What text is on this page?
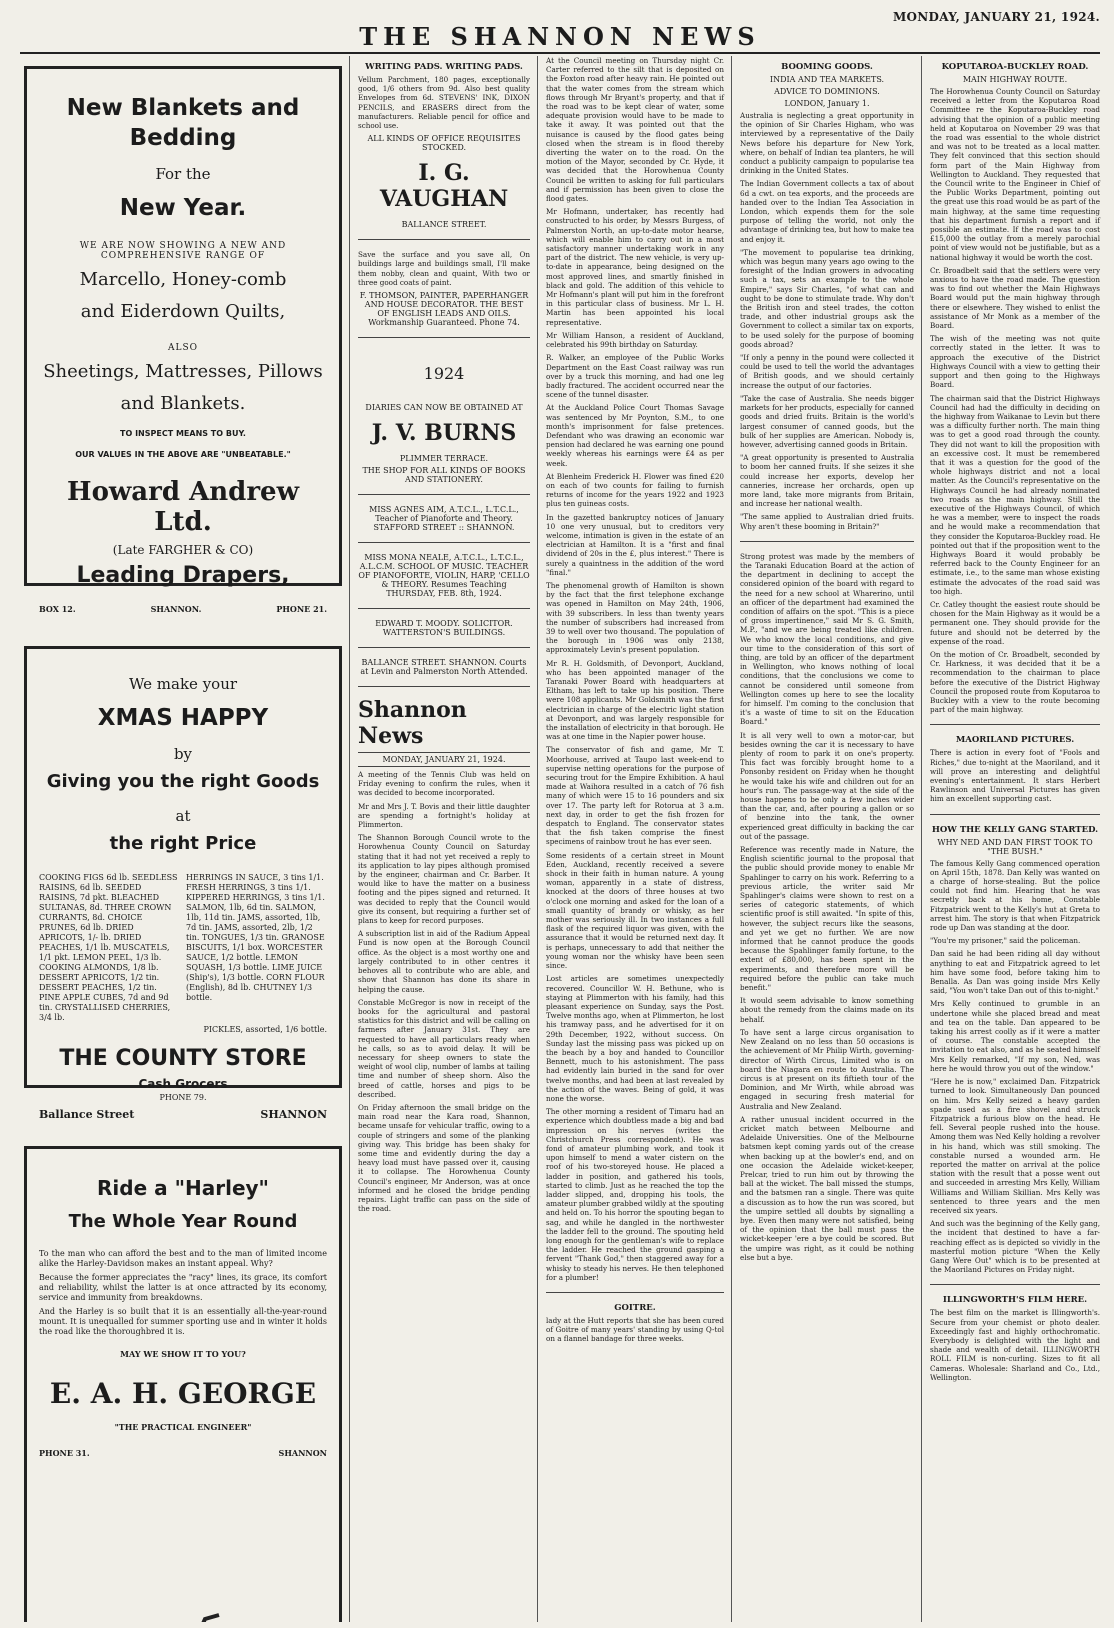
MONDAY, JANUARY 21, 1924.
THE SHANNON NEWS
New Blankets and Bedding
For the
New Year.
WE ARE NOW SHOWING A NEW AND COMPREHENSIVE RANGE OF
Marcello, Honey-comb
and Eiderdown Quilts,
ALSO
Sheetings, Mattresses, Pillows
and Blankets.
TO INSPECT MEANS TO BUY.
OUR VALUES IN THE ABOVE ARE "UNBEATABLE."
Howard Andrew Ltd.
(Late FARGHER & CO)
Leading Drapers,
BOX 12.	SHANNON.	PHONE 21.
We make your
XMAS HAPPY
by
Giving you the right Goods
at
the right Price
COOKING FIGS 6d lb. SEEDLESS RAISINS, 6d lb. SEEDED RAISINS, 7d pkt. BLEACHED SULTANAS, 8d. THREE CROWN CURRANTS, 8d. CHOICE PRUNES, 6d lb. DRIED APRICOTS, 1/- lb. DRIED PEACHES, 1/1 lb. MUSCATELS, 1/1 pkt. LEMON PEEL, 1/3 lb. COOKING ALMONDS, 1/8 lb. DESSERT APRICOTS, 1/2 tin. DESSERT PEACHES, 1/2 tin. PINE APPLE CUBES, 7d and 9d tin. CRYSTALLISED CHERRIES, 3/4 lb.
HERRINGS IN SAUCE, 3 tins 1/1. FRESH HERRINGS, 3 tins 1/1. KIPPERED HERRINGS, 3 tins 1/1. SALMON, 1lb, 6d tin. SALMON, 1lb, 11d tin. JAMS, assorted, 1lb, 7d tin. JAMS, assorted, 2lb, 1/2 tin. TONGUES, 1/3 tin. GRANOSE BISCUITS, 1/1 box. WORCESTER SAUCE, 1/2 bottle. LEMON SQUASH, 1/3 bottle. LIME JUICE (Ship's), 1/3 bottle. CORN FLOUR (English), 8d lb. CHUTNEY 1/3 bottle.
PICKLES, assorted, 1/6 bottle.
THE COUNTY STORE
Cash Grocers
PHONE 79.
Ballance Street	SHANNON
Ride a "Harley"
The Whole Year Round
To the man who can afford the best and to the man of limited income alike the Harley-Davidson makes an instant appeal. Why?
Because the former appreciates the "racy" lines, its grace, its comfort and reliability, whilst the latter is at once attracted by its economy, service and immunity from breakdowns.
And the Harley is so built that it is an essentially all-the-year-round mount. It is unequalled for summer sporting use and in winter it holds the road like the thoroughbred it is.
MAY WE SHOW IT TO YOU?
E. A. H. GEORGE
"THE PRACTICAL ENGINEER"
PHONE 31.	SHANNON
WRITING PADS. WRITING PADS.
Vellum Parchment, 180 pages, exceptionally good, 1/6 others from 9d. Also best quality Envelopes from 6d. STEVENS' INK, DIXON PENCILS, and ERASERS direct from the manufacturers. Reliable pencil for office and school use.
ALL KINDS OF OFFICE REQUISITES STOCKED.
I. G. VAUGHAN
BALLANCE STREET.
Save the surface and you save all, On buildings large and buildings small, I'll make them nobby, clean and quaint, With two or three good coats of paint.
F. THOMSON, PAINTER, PAPERHANGER AND HOUSE DECORATOR. THE BEST OF ENGLISH LEADS AND OILS. Workmanship Guaranteed. Phone 74.
1924
DIARIES CAN NOW BE OBTAINED AT
J. V. BURNS
PLIMMER TERRACE.
THE SHOP FOR ALL KINDS OF BOOKS AND STATIONERY.
MISS AGNES AIM, A.T.C.L., L.T.C.L., Teacher of Pianoforte and Theory. STAFFORD STREET :: SHANNON.
MISS MONA NEALE, A.T.C.L., L.T.C.L., A.L.C.M. SCHOOL OF MUSIC. TEACHER OF PIANOFORTE, VIOLIN, HARP, 'CELLO & THEORY. Resumes Teaching THURSDAY, FEB. 8th, 1924.
EDWARD T. MOODY. SOLICITOR. WATTERSTON'S BUILDINGS.
BALLANCE STREET. SHANNON. Courts at Levin and Palmerston North Attended.
Shannon News
MONDAY, JANUARY 21, 1924.
A meeting of the Tennis Club was held on Friday evening to confirm the rules, when it was decided to become incorporated.
Mr and Mrs J. T. Bovis and their little daughter are spending a fortnight's holiday at Plimmerton.
The Shannon Borough Council wrote to the Horowhenua County Council on Saturday stating that it had not yet received a reply to its application to lay pipes although promised by the engineer, chairman and Cr. Barber. It would like to have the matter on a business footing and the pipes signed and returned. It was decided to reply that the Council would give its consent, but requiring a further set of plans to keep for record purposes.
A subscription list in aid of the Radium Appeal Fund is now open at the Borough Council office. As the object is a most worthy one and largely contributed to in other centres it behoves all to contribute who are able, and show that Shannon has done its share in helping the cause.
Constable McGregor is now in receipt of the books for the agricultural and pastoral statistics for this district and will be calling on farmers after January 31st. They are requested to have all particulars ready when he calls, so as to avoid delay. It will be necessary for sheep owners to state the weight of wool clip, number of lambs at tailing time and number of sheep shorn. Also the breed of cattle, horses and pigs to be described.
On Friday afternoon the small bridge on the main road near the Kara road, Shannon, became unsafe for vehicular traffic, owing to a couple of stringers and some of the planking giving way. This bridge has been shaky for some time and evidently during the day a heavy load must have passed over it, causing it to collapse. The Horowhenua County Council's engineer, Mr Anderson, was at once informed and he closed the bridge pending repairs. Light traffic can pass on the side of the road.
At the Council meeting on Thursday night Cr. Carter referred to the silt that is deposited on the Foxton road after heavy rain. He pointed out that the water comes from the stream which flows through Mr Bryant's property, and that if the road was to be kept clear of water, some adequate provision would have to be made to take it away. It was pointed out that the nuisance is caused by the flood gates being closed when the stream is in flood thereby diverting the water on to the road. On the motion of the Mayor, seconded by Cr. Hyde, it was decided that the Horowhenua County Council be written to asking for full particulars and if permission has been given to close the flood gates.
Mr Hofmann, undertaker, has recently had constructed to his order, by Messrs Burgess, of Palmerston North, an up-to-date motor hearse, which will enable him to carry out in a most satisfactory manner undertaking work in any part of the district. The new vehicle, is very up-to-date in appearance, being designed on the most approved lines, and smartly finished in black and gold. The addition of this vehicle to Mr Hofmann's plant will put him in the forefront in this particular class of business. Mr L. H. Martin has been appointed his local representative.
Mr William Hanson, a resident of Auckland, celebrated his 99th birthday on Saturday.
R. Walker, an employee of the Public Works Department on the East Coast railway was run over by a truck this morning, and had one leg badly fractured. The accident occurred near the scene of the tunnel disaster.
At the Auckland Police Court Thomas Savage was sentenced by Mr Poynton, S.M., to one month's imprisonment for false pretences. Defendant who was drawing an economic war pension had declared he was earning one pound weekly whereas his earnings were £4 as per week.
At Blenheim Frederick H. Flower was fined £20 on each of two counts for failing to furnish returns of income for the years 1922 and 1923 plus ten guineas costs.
In the gazetted bankruptcy notices of January 10 one very unusual, but to creditors very welcome, intimation is given in the estate of an electrician at Hamilton. It is a "first and final dividend of 20s in the £, plus interest." There is surely a quaintness in the addition of the word "final."
The phenomenal growth of Hamilton is shown by the fact that the first telephone exchange was opened in Hamilton on May 24th, 1906, with 39 subscribers. In less than twenty years the number of subscribers had increased from 39 to well over two thousand. The population of the borough in 1906 was only 2138, approximately Levin's present population.
Mr R. H. Goldsmith, of Devonport, Auckland, who has been appointed manager of the Taranaki Power Board with headquarters at Eltham, has left to take up his position. There were 108 applicants. Mr Goldsmith was the first electrician in charge of the electric light station at Devonport, and was largely responsible for the installation of electricity in that borough. He was at one time in the Napier power house.
The conservator of fish and game, Mr T. Moorhouse, arrived at Taupo last week-end to supervise netting operations for the purpose of securing trout for the Empire Exhibition. A haul made at Waihora resulted in a catch of 76 fish many of which were 15 to 16 pounders and six over 17. The party left for Rotorua at 3 a.m. next day, in order to get the fish frozen for despatch to England. The conservator states that the fish taken comprise the finest specimens of rainbow trout he has ever seen.
Some residents of a certain street in Mount Eden, Auckland, recently received a severe shock in their faith in human nature. A young woman, apparently in a state of distress, knocked at the doors of three houses at two o'clock one morning and asked for the loan of a small quantity of brandy or whisky, as her mother was seriously ill. In two instances a full flask of the required liquor was given, with the assurance that it would be returned next day. It is perhaps, unnecessary to add that neither the young woman nor the whisky have been seen since.
Lost articles are sometimes unexpectedly recovered. Councillor W. H. Bethune, who is staying at Plimmerton with his family, had this pleasant experience on Sunday, says the Post. Twelve months ago, when at Plimmerton, he lost his tramway pass, and he advertised for it on 29th December, 1922, without success. On Sunday last the missing pass was picked up on the beach by a boy and handed to Councillor Bennett, much to his astonishment. The pass had evidently lain buried in the sand for over twelve months, and had been at last revealed by the action of the waves. Being of gold, it was none the worse.
The other morning a resident of Timaru had an experience which doubtless made a big and bad impression on his nerves (writes the Christchurch Press correspondent). He was fond of amateur plumbing work, and took it upon himself to mend a water cistern on the roof of his two-storeyed house. He placed a ladder in position, and gathered his tools, started to climb. Just as he reached the top the ladder slipped, and, dropping his tools, the amateur plumber grabbed wildly at the spouting and held on. To his horror the spouting began to sag, and while he dangled in the northwester the ladder fell to the ground. The spouting held long enough for the gentleman's wife to replace the ladder. He reached the ground gasping a fervent "Thank God," then staggered away for a whisky to steady his nerves. He then telephoned for a plumber!
GOITRE.
lady at the Hutt reports that she has been cured of Goitre of many years' standing by using Q-tol on a flannel bandage for three weeks.
BOOMING GOODS.
INDIA AND TEA MARKETS.
ADVICE TO DOMINIONS.
LONDON, January 1.
Australia is neglecting a great opportunity in the opinion of Sir Charles Higham, who was interviewed by a representative of the Daily News before his departure for New York, where, on behalf of Indian tea planters, he will conduct a publicity campaign to popularise tea drinking in the United States.
The Indian Government collects a tax of about 6d a cwt. on tea exports, and the proceeds are handed over to the Indian Tea Association in London, which expends them for the sole purpose of telling the world, not only the advantage of drinking tea, but how to make tea and enjoy it.
"The movement to popularise tea drinking, which was begun many years ago owing to the foresight of the Indian growers in advocating such a tax, sets an example to the whole Empire," says Sir Charles, "of what can and ought to be done to stimulate trade. Why don't the British iron and steel trades, the cotton trade, and other industrial groups ask the Government to collect a similar tax on exports, to be used solely for the purpose of booming goods abroad?
"If only a penny in the pound were collected it could be used to tell the world the advantages of British goods, and we should certainly increase the output of our factories.
"Take the case of Australia. She needs bigger markets for her products, especially for canned goods and dried fruits. Britain is the world's largest consumer of canned goods, but the bulk of her supplies are American. Nobody is, however, advertising canned goods in Britain.
"A great opportunity is presented to Australia to boom her canned fruits. If she seizes it she could increase her exports, develop her canneries, increase her orchards, open up more land, take more migrants from Britain, and increase her national wealth.
"The same applied to Australian dried fruits. Why aren't these booming in Britain?"
Strong protest was made by the members of the Taranaki Education Board at the action of the department in declining to accept the considered opinion of the board with regard to the need for a new school at Wharerino, until an officer of the department had examined the condition of affairs on the spot. "This is a piece of gross impertinence," said Mr S. G. Smith, M.P., "and we are being treated like children. We who know the local conditions, and give our time to the consideration of this sort of thing, are told by an officer of the department in Wellington, who knows nothing of local conditions, that the conclusions we come to cannot be considered until someone from Wellington comes up here to see the locality for himself. I'm coming to the conclusion that it's a waste of time to sit on the Education Board."
It is all very well to own a motor-car, but besides owning the car it is necessary to have plenty of room to park it on one's property. This fact was forcibly brought home to a Ponsonby resident on Friday when he thought he would take his wife and children out for an hour's run. The passage-way at the side of the house happens to be only a few inches wider than the car, and, after pouring a gallon or so of benzine into the tank, the owner experienced great difficulty in backing the car out of the passage.
Reference was recently made in Nature, the English scientific journal to the proposal that the public should provide money to enable Mr Spahlinger to carry on his work. Referring to a previous article, the writer said Mr Spahlinger's claims were shown to rest on a series of categoric statements, of which scientific proof is still awaited. "In spite of this, however, the subject recurs like the seasons, and yet we get no further. We are now informed that he cannot produce the goods because the Spahlinger family fortune, to the extent of £80,000, has been spent in the experiments, and therefore more will be required before the public can take much benefit."
It would seem advisable to know something about the remedy from the claims made on its behalf.
To have sent a large circus organisation to New Zealand on no less than 50 occasions is the achievement of Mr Philip Wirth, governing-director of Wirth Circus, Limited who is on board the Niagara en route to Australia. The circus is at present on its fiftieth tour of the Dominion, and Mr Wirth, while abroad was engaged in securing fresh material for Australia and New Zealand.
A rather unusual incident occurred in the cricket match between Melbourne and Adelaide Universities. One of the Melbourne batsmen kept coming yards out of the crease when backing up at the bowler's end, and on one occasion the Adelaide wicket-keeper, Prelcar, tried to run him out by throwing the ball at the wicket. The ball missed the stumps, and the batsmen ran a single. There was quite a discussion as to how the run was scored, but the umpire settled all doubts by signalling a bye. Even then many were not satisfied, being of the opinion that the ball must pass the wicket-keeper 'ere a bye could be scored. But the umpire was right, as it could be nothing else but a bye.
KOPUTAROA-BUCKLEY ROAD.
MAIN HIGHWAY ROUTE.
The Horowhenua County Council on Saturday received a letter from the Koputaroa Road Committee re the Koputaroa-Buckley road advising that the opinion of a public meeting held at Koputaroa on November 29 was that the road was essential to the whole district and was not to be treated as a local matter. They felt convinced that this section should form part of the Main Highway from Wellington to Auckland. They requested that the Council write to the Engineer in Chief of the Public Works Department, pointing out the great use this road would be as part of the main highway, at the same time requesting that his department furnish a report and if possible an estimate. If the road was to cost £15,000 the outlay from a merely parochial point of view would not be justifiable, but as a national highway it would be worth the cost.
Cr. Broadbelt said that the settlers were very anxious to have the road made. The question was to find out whether the Main Highways Board would put the main highway through there or elsewhere. They wished to enlist the assistance of Mr Monk as a member of the Board.
The wish of the meeting was not quite correctly stated in the letter. It was to approach the executive of the District Highways Council with a view to getting their support and then going to the Highways Board.
The chairman said that the District Highways Council had had the difficulty in deciding on the highway from Waikanae to Levin but there was a difficulty further north. The main thing was to get a good road through the county. They did not want to kill the proposition with an excessive cost. It must be remembered that it was a question for the good of the whole highways district and not a local matter. As the Council's representative on the Highways Council he had already nominated two roads as the main highway. Still the executive of the Highways Council, of which he was a member, were to inspect the roads and he would make a recommendation that they consider the Koputaroa-Buckley road. He pointed out that if the proposition went to the Highways Board it would probably be referred back to the County Engineer for an estimate, i.e., to the same man whose existing estimate the advocates of the road said was too high.
Cr. Catley thought the easiest route should be chosen for the Main Highway as it would be a permanent one. They should provide for the future and should not be deterred by the expense of the road.
On the motion of Cr. Broadbelt, seconded by Cr. Harkness, it was decided that it be a recommendation to the chairman to place before the executive of the District Highway Council the proposed route from Koputaroa to Buckley with a view to the route becoming part of the main highway.
MAORILAND PICTURES.
There is action in every foot of "Fools and Riches," due to-night at the Maoriland, and it will prove an interesting and delightful evening's entertainment. It stars Herbert Rawlinson and Universal Pictures has given him an excellent supporting cast.
HOW THE KELLY GANG STARTED.
WHY NED AND DAN FIRST TOOK TO "THE BUSH."
The famous Kelly Gang commenced operation on April 15th, 1878. Dan Kelly was wanted on a charge of horse-stealing. But the police could not find him. Hearing that he was secretly back at his home, Constable Fitzpatrick went to the Kelly's hut at Greta to arrest him. The story is that when Fitzpatrick rode up Dan was standing at the door.
"You're my prisoner," said the policeman.
Dan said he had been riding all day without anything to eat and Fitzpatrick agreed to let him have some food, before taking him to Benalla. As Dan was going inside Mrs Kelly said, "You won't take Dan out of this to-night."
Mrs Kelly continued to grumble in an undertone while she placed bread and meat and tea on the table. Dan appeared to be taking his arrest coolly as if it were a matter of course. The constable accepted the invitation to eat also, and as he seated himself Mrs Kelly remarked, "If my son, Ned, was here he would throw you out of the window."
"Here he is now," exclaimed Dan. Fitzpatrick turned to look. Simultaneously Dan pounced on him. Mrs Kelly seized a heavy garden spade used as a fire shovel and struck Fitzpatrick a furious blow on the head. He fell. Several people rushed into the house. Among them was Ned Kelly holding a revolver in his hand, which was still smoking. The constable nursed a wounded arm. He reported the matter on arrival at the police station with the result that a posse went out and succeeded in arresting Mrs Kelly, William Williams and William Skillian. Mrs Kelly was sentenced to three years and the men received six years.
And such was the beginning of the Kelly gang, the incident that destined to have a far-reaching effect as is depicted so vividly in the masterful motion picture "When the Kelly Gang Were Out" which is to be presented at the Maoriland Pictures on Friday night.
ILLINGWORTH'S FILM HERE.
The best film on the market is Illingworth's. Secure from your chemist or photo dealer. Exceedingly fast and highly orthochromatic. Everybody is delighted with the light and shade and wealth of detail. ILLINGWORTH ROLL FILM is non-curling. Sizes to fit all Cameras. Wholesale: Sharland and Co., Ltd., Wellington.
